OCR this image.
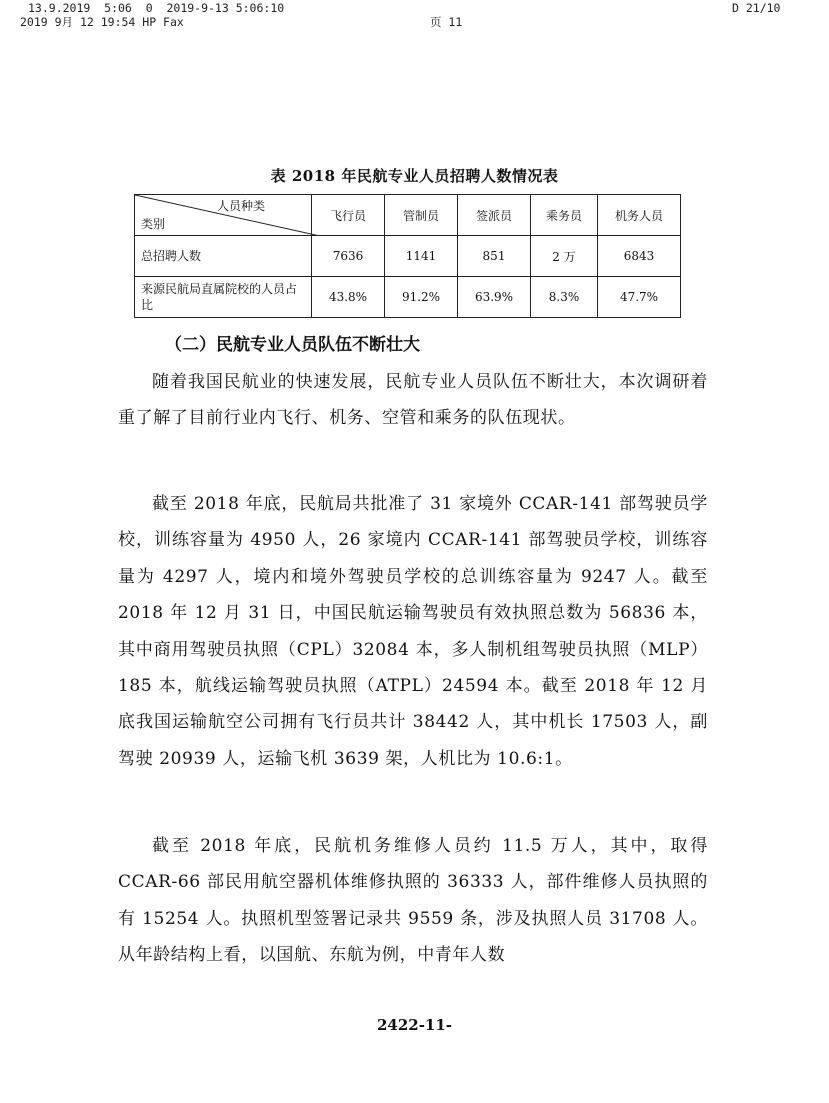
13.9.2019  5:06  0  2019-9-13 5:06:10
2019 9月 12 19:54 HP Fax	页 11
D 21/10
表 2018 年民航专业人员招聘人数情况表
人员种类
类别	飞行员	管制员	签派员	乘务员	机务人员
总招聘人数	7636	1141	851	2 万	6843
来源民航局直属院校的人员占比	43.8%	91.2%	63.9%	8.3%	47.7%
（二）民航专业人员队伍不断壮大

随着我国民航业的快速发展，民航专业人员队伍不断壮大，本次调研着重了解了目前行业内飞行、机务、空管和乘务的队伍现状。

截至 2018 年底，民航局共批准了 31 家境外 CCAR-141 部驾驶员学校，训练容量为 4950 人，26 家境内 CCAR-141 部驾驶员学校，训练容量为 4297 人，境内和境外驾驶员学校的总训练容量为 9247 人。截至 2018 年 12 月 31 日，中国民航运输驾驶员有效执照总数为 56836 本，其中商用驾驶员执照（CPL）32084 本，多人制机组驾驶员执照（MLP）185 本，航线运输驾驶员执照（ATPL）24594 本。截至 2018 年 12 月底我国运输航空公司拥有飞行员共计 38442 人，其中机长 17503 人，副驾驶 20939 人，运输飞机 3639 架，人机比为 10.6:1。

截至 2018 年底，民航机务维修人员约 11.5 万人，其中，取得 CCAR-66 部民用航空器机体维修执照的 36333 人，部件维修人员执照的有 15254 人。执照机型签署记录共 9559 条，涉及执照人员 31708 人。从年龄结构上看，以国航、东航为例，中青年人数

2422-11-
